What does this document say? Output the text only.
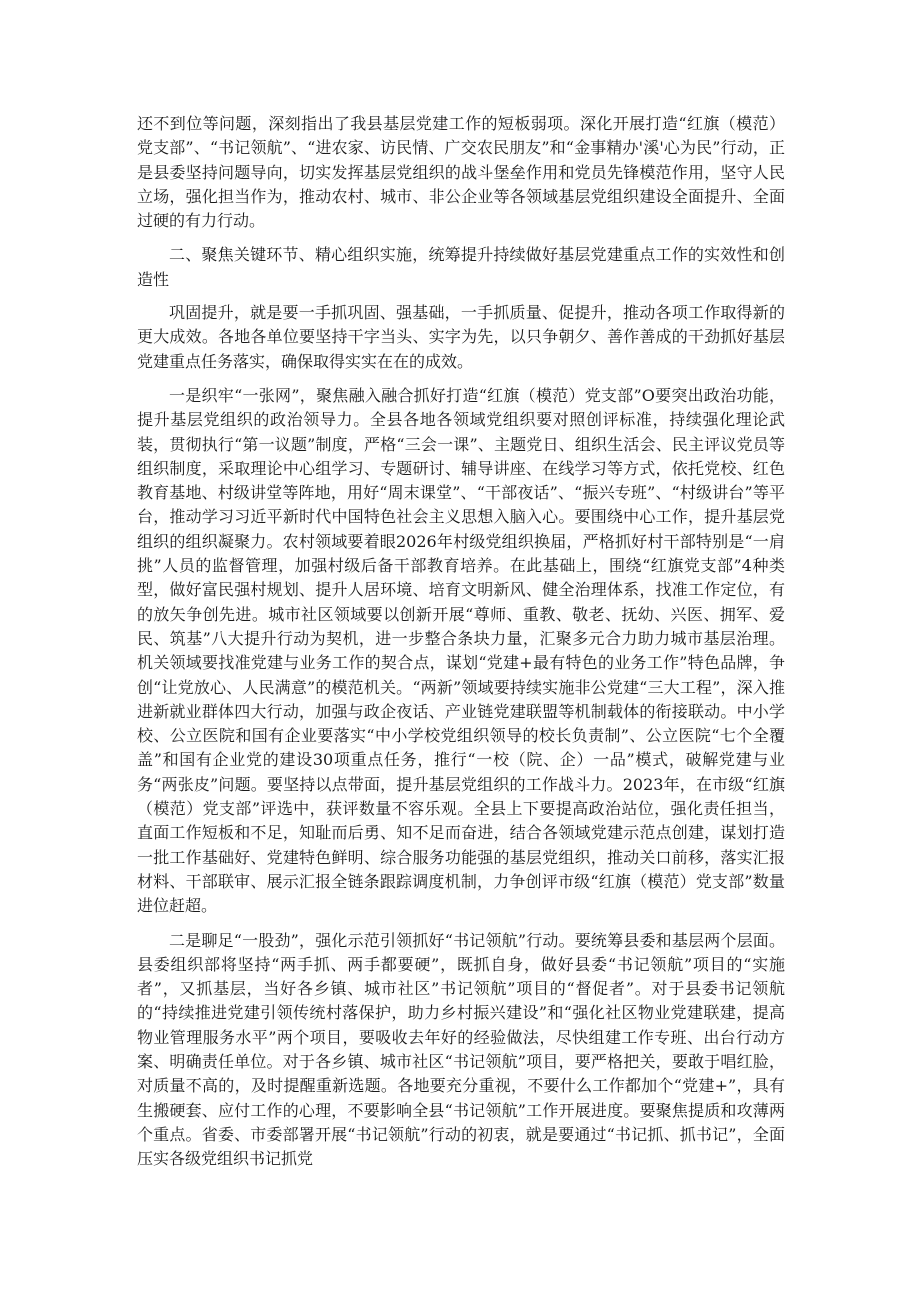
还不到位等问题，深刻指出了我县基层党建工作的短板弱项。深化开展打造“红旗（模范）党支部”、“书记领航”、“进农家、访民情、广交农民朋友”和“金事精办'溪'心为民”行动，正是县委坚持问题导向，切实发挥基层党组织的战斗堡垒作用和党员先锋模范作用，坚守人民立场，强化担当作为，推动农村、城市、非公企业等各领域基层党组织建设全面提升、全面过硬的有力行动。

二、聚焦关键环节、精心组织实施，统筹提升持续做好基层党建重点工作的实效性和创造性

巩固提升，就是要一手抓巩固、强基础，一手抓质量、促提升，推动各项工作取得新的更大成效。各地各单位要坚持干字当头、实字为先，以只争朝夕、善作善成的干劲抓好基层党建重点任务落实，确保取得实实在在的成效。

一是织牢“一张网”，聚焦融入融合抓好打造“红旗（模范）党支部”O要突出政治功能，提升基层党组织的政治领导力。全县各地各领域党组织要对照创评标准，持续强化理论武装，贯彻执行“第一议题”制度，严格“三会一课”、主题党日、组织生活会、民主评议党员等组织制度，采取理论中心组学习、专题研讨、辅导讲座、在线学习等方式，依托党校、红色教育基地、村级讲堂等阵地，用好“周末课堂”、“干部夜话”、“振兴专班”、“村级讲台”等平台，推动学习习近平新时代中国特色社会主义思想入脑入心。要围绕中心工作，提升基层党组织的组织凝聚力。农村领域要着眼2026年村级党组织换届，严格抓好村干部特别是“一肩挑”人员的监督管理，加强村级后备干部教育培养。在此基础上，围绕“红旗党支部”4种类型，做好富民强村规划、提升人居环境、培育文明新风、健全治理体系，找准工作定位，有的放矢争创先进。城市社区领域要以创新开展“尊师、重教、敬老、抚幼、兴医、拥军、爱民、筑基”八大提升行动为契机，进一步整合条块力量，汇聚多元合力助力城市基层治理。机关领域要找准党建与业务工作的契合点，谋划“党建+最有特色的业务工作”特色品牌，争创“让党放心、人民满意”的模范机关。“两新”领域要持续实施非公党建“三大工程”，深入推进新就业群体四大行动，加强与政企夜话、产业链党建联盟等机制载体的衔接联动。中小学校、公立医院和国有企业要落实“中小学校党组织领导的校长负责制”、公立医院“七个全覆盖”和国有企业党的建设30项重点任务，推行“一校（院、企）一品”模式，破解党建与业务“两张皮”问题。要坚持以点带面，提升基层党组织的工作战斗力。2023年，在市级“红旗（模范）党支部”评选中，获评数量不容乐观。全县上下要提高政治站位，强化责任担当，直面工作短板和不足，知耻而后勇、知不足而奋进，结合各领域党建示范点创建，谋划打造一批工作基础好、党建特色鲜明、综合服务功能强的基层党组织，推动关口前移，落实汇报材料、干部联审、展示汇报全链条跟踪调度机制，力争创评市级“红旗（模范）党支部”数量进位赶超。

二是聊足“一股劲”，强化示范引领抓好“书记领航”行动。要统筹县委和基层两个层面。县委组织部将坚持“两手抓、两手都要硬”，既抓自身，做好县委“书记领航”项目的“实施者”，又抓基层，当好各乡镇、城市社区”书记领航”项目的“督促者”。对于县委书记领航的“持续推进党建引领传统村落保护，助力乡村振兴建设”和“强化社区物业党建联建，提高物业管理服务水平”两个项目，要吸收去年好的经验做法，尽快组建工作专班、出台行动方案、明确责任单位。对于各乡镇、城市社区“书记领航”项目，要严格把关，要敢于唱红脸，对质量不高的，及时提醒重新选题。各地要充分重视，不要什么工作都加个“党建+”，具有生搬硬套、应付工作的心理，不要影响全县“书记领航”工作开展进度。要聚焦提质和攻薄两个重点。省委、市委部署开展“书记领航”行动的初衷，就是要通过“书记抓、抓书记”，全面压实各级党组织书记抓党
